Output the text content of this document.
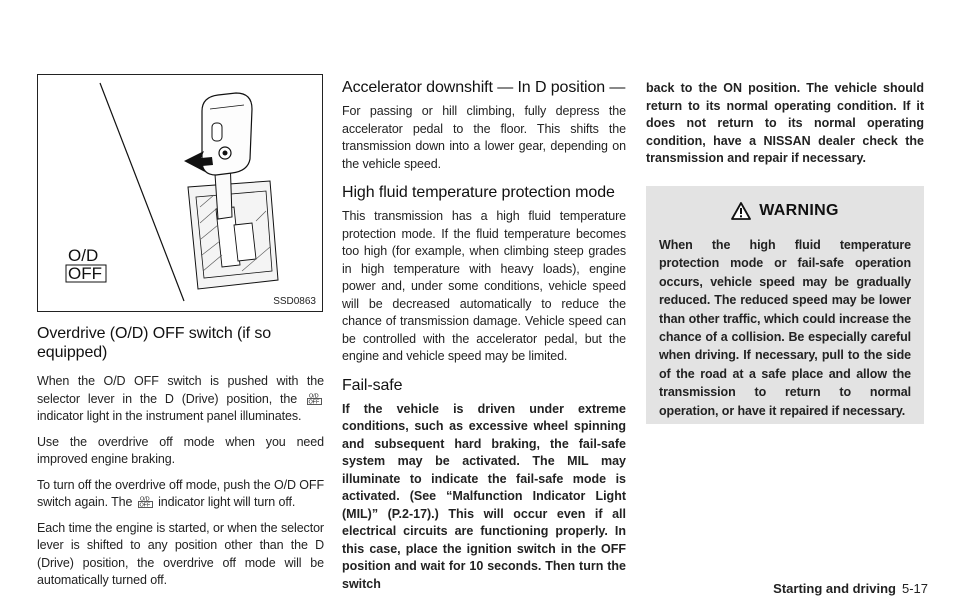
O/D
OFF
SSD0863
Overdrive (O/D) OFF switch (if so equipped)

When the O/D OFF switch is pushed with the selector lever in the D (Drive) position, the O/D
OFF
indicator light in the instrument panel illuminates.

Use the overdrive off mode when you need improved engine braking.

To turn off the overdrive off mode, push the O/D OFF switch again. The O/D
OFF indicator light will turn off.

Each time the engine is started, or when the selector lever is shifted to any position other than the D (Drive) position, the overdrive off mode will be automatically turned off.

Accelerator downshift — In D position —

For passing or hill climbing, fully depress the accelerator pedal to the floor. This shifts the transmission down into a lower gear, depending on the vehicle speed.

High fluid temperature protection mode

This transmission has a high fluid temperature protection mode. If the fluid temperature becomes too high (for example, when climbing steep grades in high temperature with heavy loads), engine power and, under some conditions, vehicle speed will be decreased automatically to reduce the chance of transmission damage. Vehicle speed can be controlled with the accelerator pedal, but the engine and vehicle speed may be limited.

Fail-safe

If the vehicle is driven under extreme conditions, such as excessive wheel spinning and subsequent hard braking, the fail-safe system may be activated. The MIL may illuminate to indicate the fail-safe mode is activated. (See “Malfunction Indicator Light (MIL)” (P.2-17).) This will occur even if all electrical circuits are functioning properly. In this case, place the ignition switch in the OFF position and wait for 10 seconds. Then turn the switch

back to the ON position. The vehicle should return to its normal operating condition. If it does not return to its normal operating condition, have a NISSAN dealer check the transmission and repair if necessary.

WARNING

When the high fluid temperature protection mode or fail-safe operation occurs, vehicle speed may be gradually reduced. The reduced speed may be lower than other traffic, which could increase the chance of a collision. Be especially careful when driving. If necessary, pull to the side of the road at a safe place and allow the transmission to return to normal operation, or have it repaired if necessary.

Starting and driving 5-17
